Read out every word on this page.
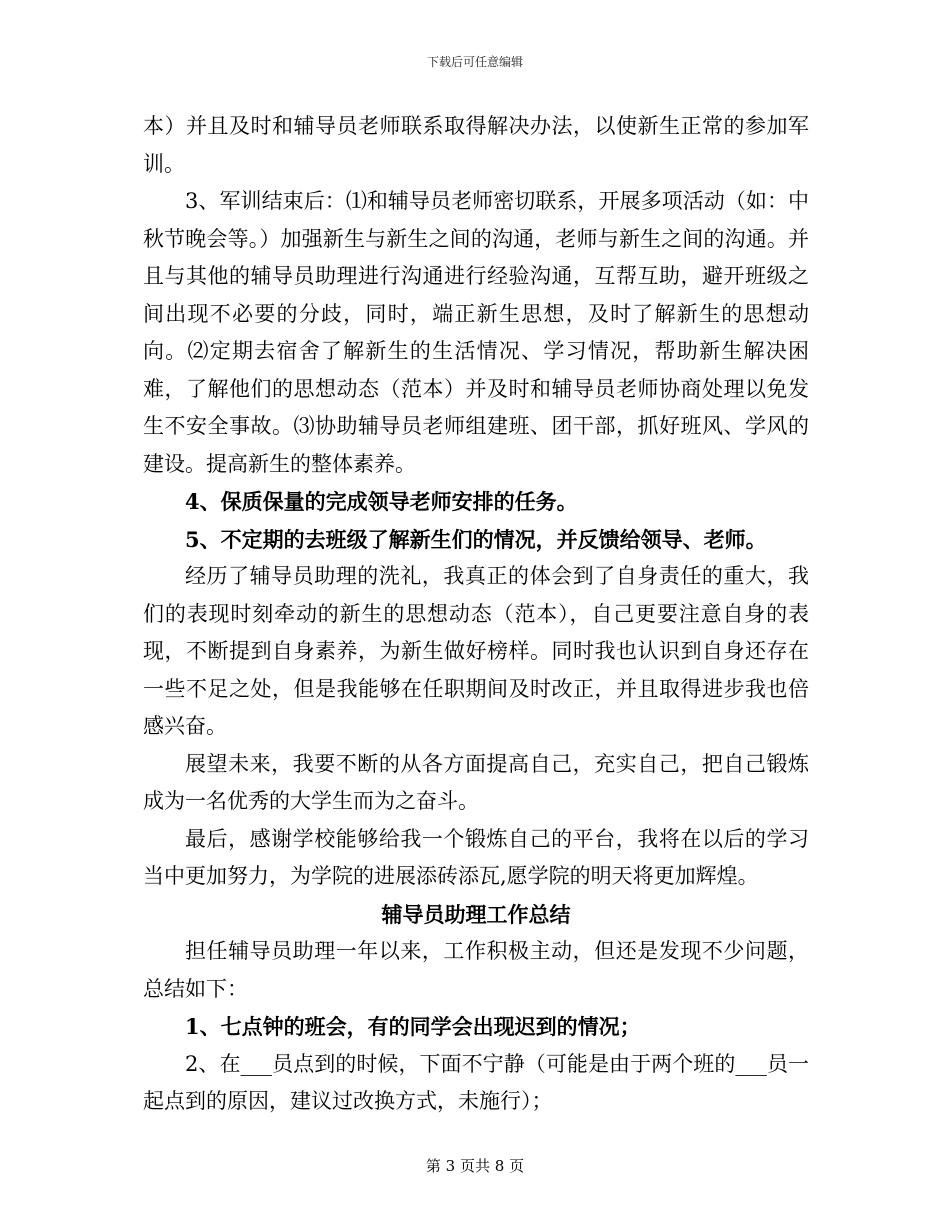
下载后可任意编辑

本）并且及时和辅导员老师联系取得解决办法，以使新生正常的参加军训。

3、军训结束后：⑴和辅导员老师密切联系，开展多项活动（如：中秋节晚会等。）加强新生与新生之间的沟通，老师与新生之间的沟通。并且与其他的辅导员助理进行沟通进行经验沟通，互帮互助，避开班级之间出现不必要的分歧，同时，端正新生思想，及时了解新生的思想动向。⑵定期去宿舍了解新生的生活情况、学习情况，帮助新生解决困难，了解他们的思想动态（范本）并及时和辅导员老师协商处理以免发生不安全事故。⑶协助辅导员老师组建班、团干部，抓好班风、学风的建设。提高新生的整体素养。

4、保质保量的完成领导老师安排的任务。

5、不定期的去班级了解新生们的情况，并反馈给领导、老师。

经历了辅导员助理的洗礼，我真正的体会到了自身责任的重大，我们的表现时刻牵动的新生的思想动态（范本），自己更要注意自身的表现，不断提到自身素养，为新生做好榜样。同时我也认识到自身还存在一些不足之处，但是我能够在任职期间及时改正，并且取得进步我也倍感兴奋。

展望未来，我要不断的从各方面提高自己，充实自己，把自己锻炼成为一名优秀的大学生而为之奋斗。

最后，感谢学校能够给我一个锻炼自己的平台，我将在以后的学习当中更加努力，为学院的进展添砖添瓦,愿学院的明天将更加辉煌。

辅导员助理工作总结

担任辅导员助理一年以来，工作积极主动，但还是发现不少问题，总结如下：

1、七点钟的班会，有的同学会出现迟到的情况；

2、在___员点到的时候，下面不宁静（可能是由于两个班的___员一起点到的原因，建议过改换方式，未施行）；

第 3 页共 8 页
